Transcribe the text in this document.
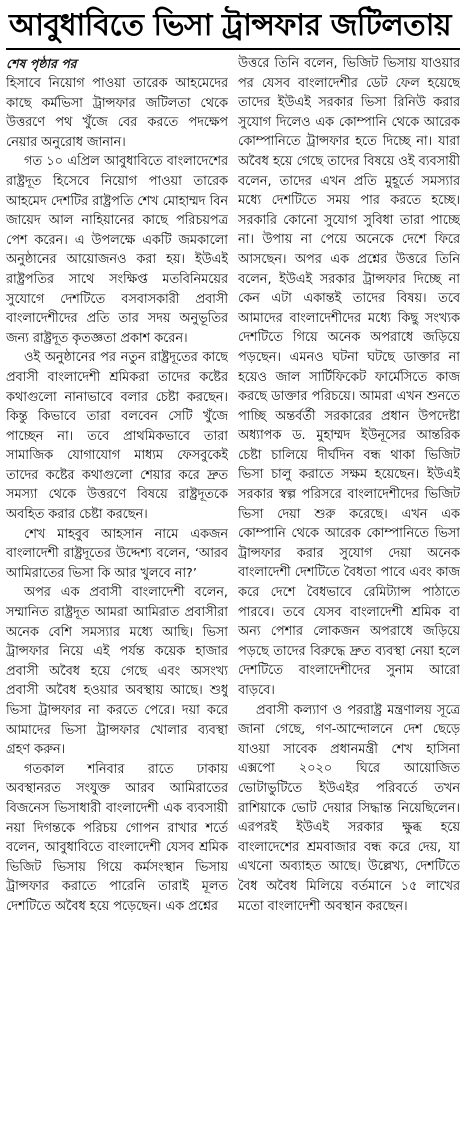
আবুধাবিতে ভিসা ট্রান্সফার জটিলতায়
শেষ পৃষ্ঠার পর

হিসাবে নিয়োগ পাওয়া তারেক আহমেদের কাছে কর্মভিসা ট্রান্সফার জটিলতা থেকে উত্তরণে পথ খুঁজে বের করতে পদক্ষেপ নেয়ার অনুরোধ জানান।

গত ১০ এপ্রিল আবুধাবিতে বাংলাদেশের রাষ্ট্রদূত হিসেবে নিয়োগ পাওয়া তারেক আহমেদ দেশটির রাষ্ট্রপতি শেখ মোহাম্মদ বিন জায়েদ আল নাহিয়ানের কাছে পরিচয়পত্র পেশ করেন। এ উপলক্ষে একটি জমকালো অনুষ্ঠানের আয়োজনও করা হয়। ইউএই রাষ্ট্রপতির সাথে সংক্ষিপ্ত মতবিনিময়ের সুযোগে দেশটিতে বসবাসকারী প্রবাসী বাংলাদেশীদের প্রতি তার সদয় অনুভূতির জন্য রাষ্ট্রদূত কৃতজ্ঞতা প্রকাশ করেন।

ওই অনুষ্ঠানের পর নতুন রাষ্ট্রদূতের কাছে প্রবাসী বাংলাদেশী শ্রমিকরা তাদের কষ্টের কথাগুলো নানাভাবে বলার চেষ্টা করছেন। কিন্তু কিভাবে তারা বলবেন সেটি খুঁজে পাচ্ছেন না। তবে প্রাথমিকভাবে তারা সামাজিক যোগাযোগ মাধ্যম ফেসবুকেই তাদের কষ্টের কথাগুলো শেয়ার করে দ্রুত সমস্যা থেকে উত্তরণে বিষয়ে রাষ্ট্রদূতকে অবহিত করার চেষ্টা করছেন।

শেখ মাহবুব আহসান নামে একজন বাংলাদেশী রাষ্ট্রদূতের উদ্দেশ্য বলেন, ‘আরব আমিরাতের ভিসা কি আর খুলবে না?’

অপর এক প্রবাসী বাংলাদেশী বলেন, সম্মানিত রাষ্ট্রদূত আমরা আমিরাত প্রবাসীরা অনেক বেশি সমস্যার মধ্যে আছি। ভিসা ট্রান্সফার নিয়ে এই পর্যন্ত কয়েক হাজার প্রবাসী অবৈধ হয়ে গেছে এবং অসংখ্য প্রবাসী অবৈধ হওয়ার অবস্থায় আছে। শুধু ভিসা ট্রান্সফার না করতে পেরে। দয়া করে আমাদের ভিসা ট্রান্সফার খোলার ব্যবস্থা গ্রহণ করুন।

গতকাল শনিবার রাতে ঢাকায় অবস্থানরত সংযুক্ত আরব আমিরাতের বিজনেস ভিসাধারী বাংলাদেশী এক ব্যবসায়ী নয়া দিগন্তকে পরিচয় গোপন রাখার শর্তে বলেন, আবুধাবিতে বাংলাদেশী যেসব শ্রমিক ভিজিট ভিসায় গিয়ে কর্মসংস্থান ভিসায় ট্রান্সফার করাতে পারেনি তারাই মূলত দেশটিতে অবৈধ হয়ে পড়েছেন। এক প্রশ্নের

উত্তরে তিনি বলেন, ভিজিট ভিসায় যাওয়ার পর যেসব বাংলাদেশীর ডেট ফেল হয়েছে তাদের ইউএই সরকার ভিসা রিনিউ করার সুযোগ দিলেও এক কোম্পানি থেকে আরেক কোম্পানিতে ট্রান্সফার হতে দিচ্ছে না। যারা অবৈধ হয়ে গেছে তাদের বিষয়ে ওই ব্যবসায়ী বলেন, তাদের এখন প্রতি মুহূর্তে সমস্যার মধ্যে দেশটিতে সময় পার করতে হচ্ছে। সরকারি কোনো সুযোগ সুবিধা তারা পাচ্ছে না। উপায় না পেয়ে অনেকে দেশে ফিরে আসছেন। অপর এক প্রশ্নের উত্তরে তিনি বলেন, ইউএই সরকার ট্রান্সফার দিচ্ছে না কেন এটা একান্তই তাদের বিষয়। তবে আমাদের বাংলাদেশীদের মধ্যে কিছু সংখ্যক দেশটিতে গিয়ে অনেক অপরাধে জড়িয়ে পড়ছেন। এমনও ঘটনা ঘটছে ডাক্তার না হয়েও জাল সার্টিফিকেট ফার্মেসিতে কাজ করছে ডাক্তার পরিচয়ে। আমরা এখন শুনতে পাচ্ছি অন্তর্বর্তী সরকারের প্রধান উপদেষ্টা অধ্যাপক ড. মুহাম্মদ ইউনূসের আন্তরিক চেষ্টা চালিয়ে দীর্ঘদিন বন্ধ থাকা ভিজিট ভিসা চালু করাতে সক্ষম হয়েছেন। ইউএই সরকার স্বল্প পরিসরে বাংলাদেশীদের ভিজিট ভিসা দেয়া শুরু করেছে। এখন এক কোম্পানি থেকে আরেক কোম্পানিতে ভিসা ট্রান্সফার করার সুযোগ দেয়া অনেক বাংলাদেশী দেশটিতে বৈধতা পাবে এবং কাজ করে দেশে বৈধভাবে রেমিট্যান্স পাঠাতে পারবে। তবে যেসব বাংলাদেশী শ্রমিক বা অন্য পেশার লোকজন অপরাধে জড়িয়ে পড়ছে তাদের বিরুদ্ধে দ্রুত ব্যবস্থা নেয়া হলে দেশটিতে বাংলাদেশীদের সুনাম আরো বাড়বে।

প্রবাসী কল্যাণ ও পররাষ্ট্র মন্ত্রণালয় সূত্রে জানা গেছে, গণ-আন্দোলনে দেশ ছেড়ে যাওয়া সাবেক প্রধানমন্ত্রী শেখ হাসিনা এক্সপো ২০২০ ঘিরে আয়োজিত ভোটাভুটিতে ইউএইর পরিবর্তে তখন রাশিয়াকে ভোট দেয়ার সিদ্ধান্ত নিয়েছিলেন। এরপরই ইউএই সরকার ক্ষুব্ধ হয়ে বাংলাদেশের শ্রমবাজার বন্ধ করে দেয়, যা এখনো অব্যাহত আছে। উল্লেখ্য, দেশটিতে বৈধ অবৈধ মিলিয়ে বর্তমানে ১৫ লাখের মতো বাংলাদেশী অবস্থান করছেন।
